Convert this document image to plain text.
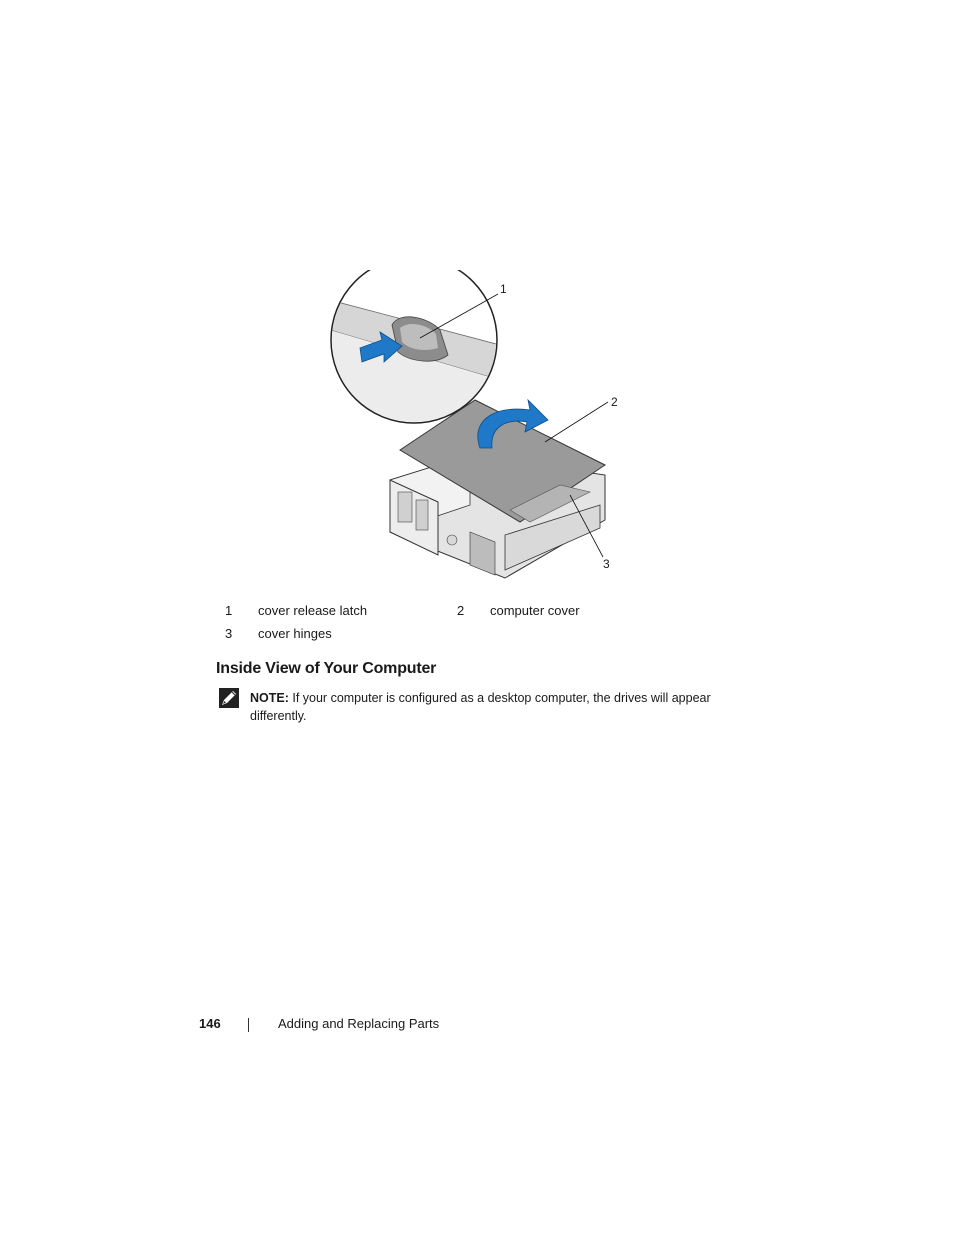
1
2
3
1	cover release latch	2	computer cover
3	cover hinges
Inside View of Your Computer
NOTE: If your computer is configured as a desktop computer, the drives will appear differently.
146	Adding and Replacing Parts
